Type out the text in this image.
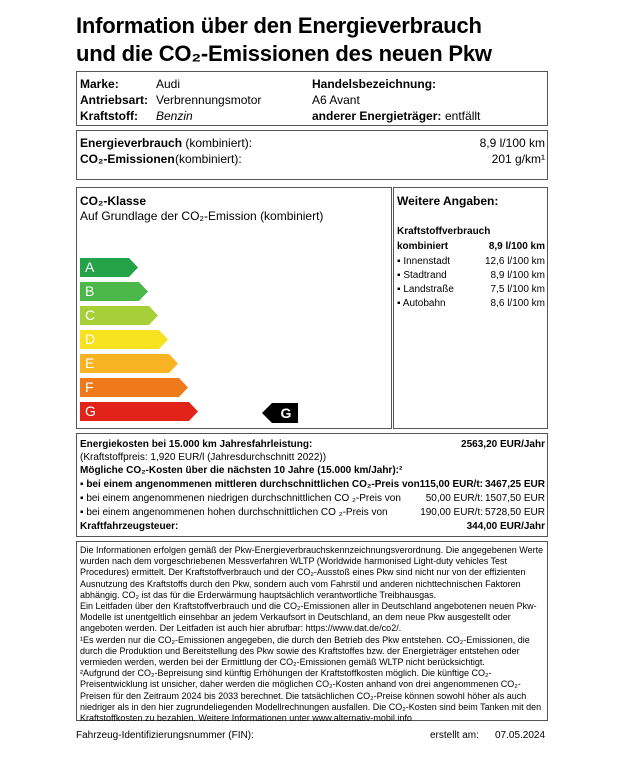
Information über den Energieverbrauch
und die CO₂-Emissionen des neuen Pkw
Marke:	Audi
Antriebsart: Verbrennungsmotor
Kraftstoff: Benzin
Handelsbezeichnung:
A6 Avant
anderer Energieträger: entfällt
Energieverbrauch (kombiniert):	8,9 l/100 km
CO₂-Emissionen (kombiniert):	201 g/km¹
CO₂-Klasse
Auf Grundlage der CO₂-Emission (kombiniert)
A
B
C
D
E
F
G	G
Weitere Angaben:
Kraftstoffverbrauch
kombiniert	8,9 l/100 km
▪ Innenstadt	12,6 l/100 km
▪ Stadtrand	8,9 l/100 km
▪ Landstraße	7,5 l/100 km
▪ Autobahn	8,6 l/100 km
Energiekosten bei 15.000 km Jahresfahrleistung:	2563,20 EUR/Jahr
(Kraftstoffpreis: 1,920 EUR/l (Jahresdurchschnitt 2022))
Mögliche CO₂-Kosten über die nächsten 10 Jahre (15.000 km/Jahr):²
▪ bei einem angenommenen mittleren durchschnittlichen CO₂-Preis von 115,00 EUR/t: 3467,25 EUR
▪ bei einem angenommenen niedrigen durchschnittlichen CO ₂-Preis von 50,00 EUR/t: 1507,50 EUR
▪ bei einem angenommenen hohen durchschnittlichen CO ₂-Preis von	190,00 EUR/t: 5728,50 EUR
Kraftfahrzeugsteuer:	344,00 EUR/Jahr

Die Informationen erfolgen gemäß der Pkw-Energieverbrauchskennzeichnungsverordnung. Die angegebenen Werte wurden nach dem vorgeschriebenen Messverfahren WLTP (Worldwide harmonised Light-duty vehicles Test Procedures) ermittelt. Der Kraftstoffverbrauch und der CO₂-Ausstoß eines Pkw sind nicht nur von der effizienten Ausnutzung des Kraftstoffs durch den Pkw, sondern auch vom Fahrstil und anderen nichttechnischen Faktoren abhängig. CO₂ ist das für die Erderwärmung hauptsächlich verantwortliche Treibhausgas.

Ein Leitfaden über den Kraftstoffverbrauch und die CO₂-Emissionen aller in Deutschland angebotenen neuen Pkw-Modelle ist unentgeltlich einsehbar an jedem Verkaufsort in Deutschland, an dem neue Pkw ausgestellt oder angeboten werden. Der Leitfaden ist auch hier abrufbar: https://www.dat.de/co2/.

¹Es werden nur die CO₂-Emissionen angegeben, die durch den Betrieb des Pkw entstehen. CO₂-Emissionen, die durch die Produktion und Bereitstellung des Pkw sowie des Kraftstoffes bzw. der Energieträger entstehen oder vermieden werden, werden bei der Ermittlung der CO₂-Emissionen gemäß WLTP nicht berücksichtigt.

²Aufgrund der CO₂-Bepreisung sind künftig Erhöhungen der Kraftstoffkosten möglich. Die künftige CO₂-Preisentwicklung ist unsicher, daher werden die möglichen CO₂-Kosten anhand von drei angenommenen CO₂-Preisen für den Zeitraum 2024 bis 2033 berechnet. Die tatsächlichen CO₂-Preise können sowohl höher als auch niedriger als in den hier zugrundeliegenden Modellrechnungen ausfallen. Die CO₂-Kosten sind beim Tanken mit den Kraftstoffkosten zu bezahlen. Weitere Informationen unter www.alternativ-mobil.info

Fahrzeug-Identifizierungsnummer (FIN):	erstellt am: 07.05.2024
